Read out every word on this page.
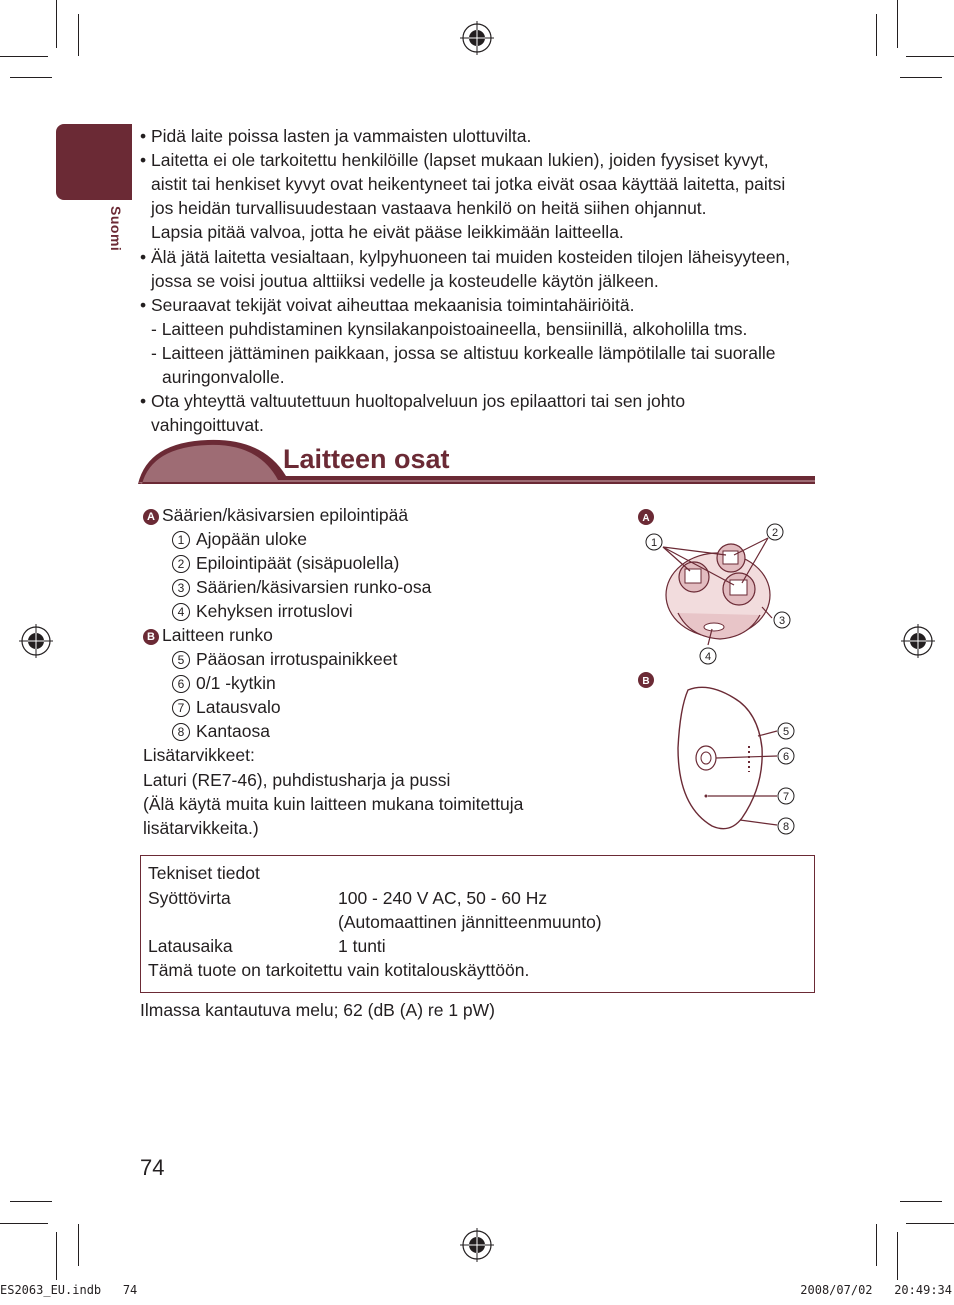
Suomi
• Pidä laite poissa lasten ja vammaisten ulottuvilta.
• Laitetta ei ole tarkoitettu henkilöille (lapset mukaan lukien), joiden fyysiset kyvyt,
aistit tai henkiset kyvyt ovat heikentyneet tai jotka eivät osaa käyttää laitetta, paitsi
jos heidän turvallisuudestaan vastaava henkilö on heitä siihen ohjannut.
Lapsia pitää valvoa, jotta he eivät pääse leikkimään laitteella.
• Älä jätä laitetta vesialtaan, kylpyhuoneen tai muiden kosteiden tilojen läheisyyteen,
jossa se voisi joutua alttiiksi vedelle ja kosteudelle käytön jälkeen.
• Seuraavat tekijät voivat aiheuttaa mekaanisia toimintahäiriöitä.
- Laitteen puhdistaminen kynsilakanpoistoaineella, bensiinillä, alkoholilla tms.
- Laitteen jättäminen paikkaan, jossa se altistuu korkealle lämpötilalle tai suoralle
auringonvalolle.
• Ota yhteyttä valtuutettuun huoltopalveluun jos epilaattori tai sen johto
vahingoittuvat.
Laitteen osat
A Säärien/käsivarsien epilointipää
1 Ajopään uloke
2 Epilointipäät (sisäpuolella)
3 Säärien/käsivarsien runko-osa
4 Kehyksen irrotuslovi
B Laitteen runko
5 Pääosan irrotuspainikkeet
6 0/1 -kytkin
7 Latausvalo
8 Kantaosa
Lisätarvikkeet:
Laturi (RE7-46), puhdistusharja ja pussi
(Älä käytä muita kuin laitteen mukana toimitettuja
lisätarvikkeita.)
A
1
2
3
4
B
5
6
7
8
Tekniset tiedot
Syöttövirta	100 - 240 V AC, 50 - 60 Hz
(Automaattinen jännitteenmuunto)
Latausaika	1 tunti
Tämä tuote on tarkoitettu vain kotitalouskäyttöön.
Ilmassa kantautuva melu; 62 (dB (A) re 1 pW)
74
ES2063_EU.indb   74	2008/07/02   20:49:34
